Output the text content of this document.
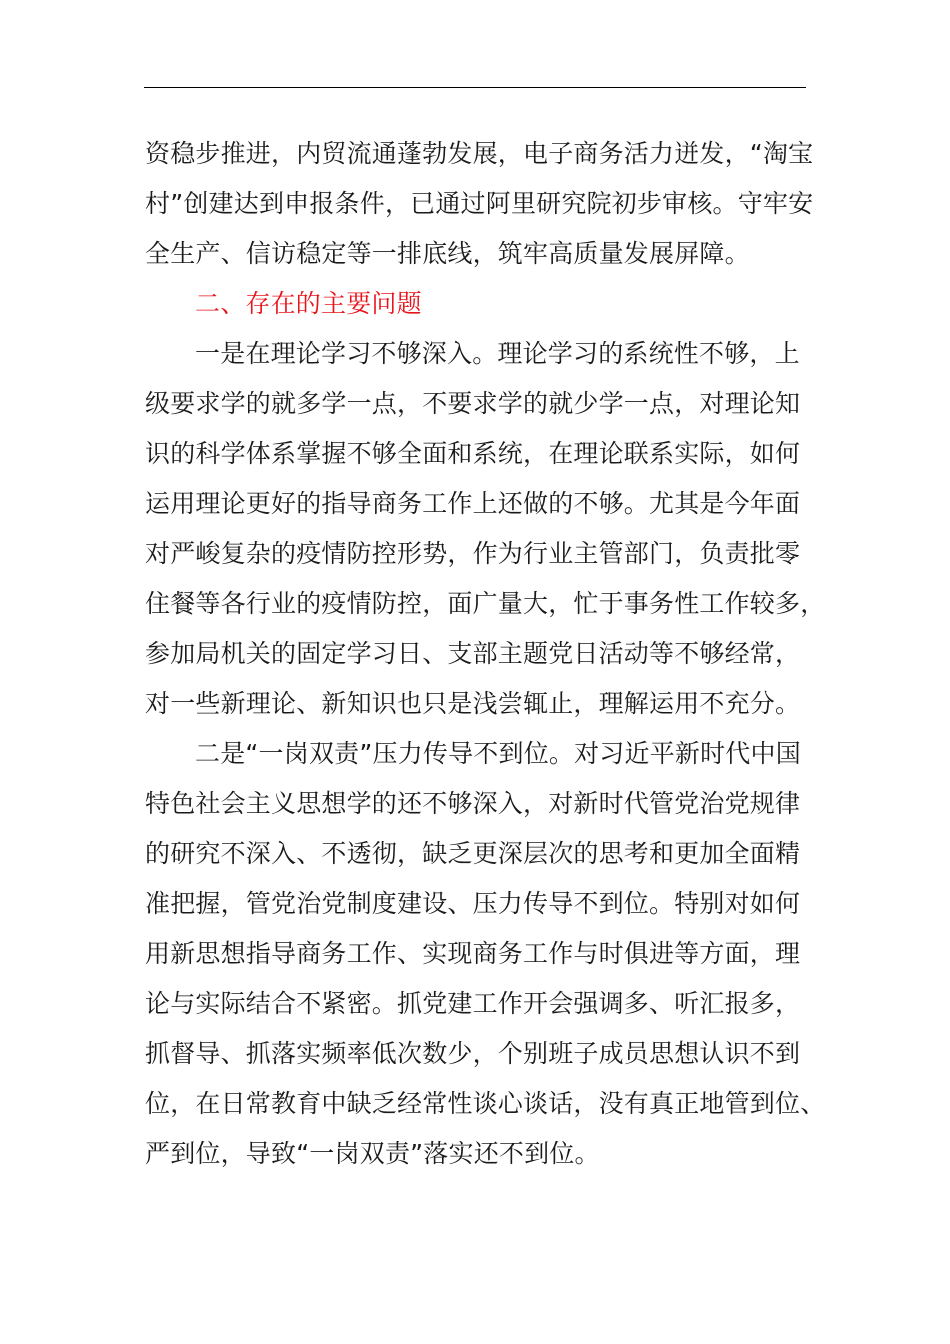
资稳步推进，内贸流通蓬勃发展，电子商务活力迸发，“淘宝
村”创建达到申报条件，已通过阿里研究院初步审核。守牢安
全生产、信访稳定等一排底线，筑牢高质量发展屏障。
二、存在的主要问题
一是在理论学习不够深入。理论学习的系统性不够，上
级要求学的就多学一点，不要求学的就少学一点，对理论知
识的科学体系掌握不够全面和系统，在理论联系实际，如何
运用理论更好的指导商务工作上还做的不够。尤其是今年面
对严峻复杂的疫情防控形势，作为行业主管部门，负责批零
住餐等各行业的疫情防控，面广量大，忙于事务性工作较多，
参加局机关的固定学习日、支部主题党日活动等不够经常，
对一些新理论、新知识也只是浅尝辄止，理解运用不充分。
二是“一岗双责”压力传导不到位。对习近平新时代中国
特色社会主义思想学的还不够深入，对新时代管党治党规律
的研究不深入、不透彻，缺乏更深层次的思考和更加全面精
准把握，管党治党制度建设、压力传导不到位。特别对如何
用新思想指导商务工作、实现商务工作与时俱进等方面，理
论与实际结合不紧密。抓党建工作开会强调多、听汇报多，
抓督导、抓落实频率低次数少，个别班子成员思想认识不到
位，在日常教育中缺乏经常性谈心谈话，没有真正地管到位、
严到位，导致“一岗双责”落实还不到位。
